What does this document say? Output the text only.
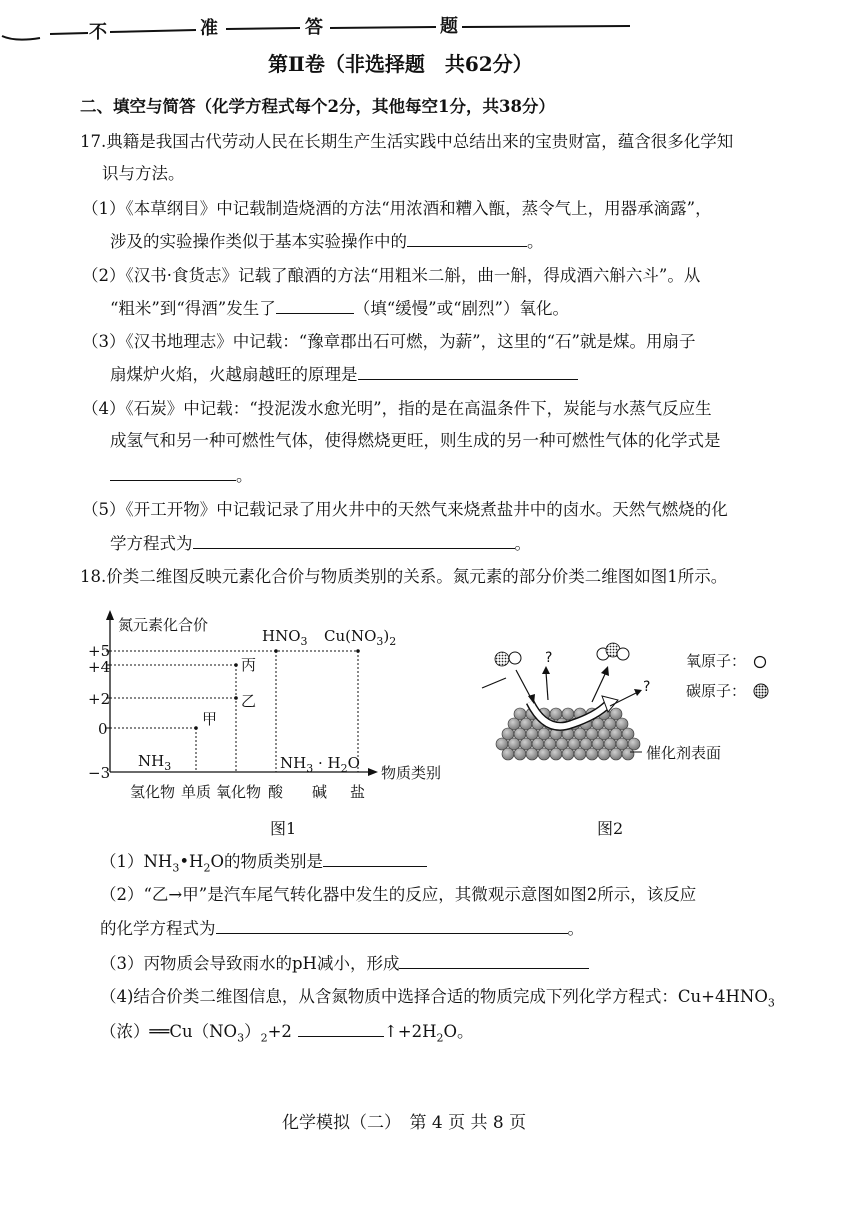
不	准	答	题
第Ⅱ卷（非选择题　共62分）
二、填空与简答（化学方程式每个2分，其他每空1分，共38分）
17.典籍是我国古代劳动人民在长期生产生活实践中总结出来的宝贵财富，蕴含很多化学知
识与方法。
（1）《本草纲目》中记载制造烧酒的方法“用浓酒和糟入甑，蒸令气上，用器承滴露”，
涉及的实验操作类似于基本实验操作中的	。
（2）《汉书·食货志》记载了酿酒的方法“用粗米二斛，曲一斛，得成酒六斛六斗”。从
“粗米”到“得酒”发生了	（填“缓慢”或“剧烈”）氧化。
（3）《汉书地理志》中记载：“豫章郡出石可燃，为薪”，这里的“石”就是煤。用扇子
扇煤炉火焰，火越扇越旺的原理是
（4）《石炭》中记载：“投泥泼水愈光明”，指的是在高温条件下，炭能与水蒸气反应生
成氢气和另一种可燃性气体，使得燃烧更旺，则生成的另一种可燃性气体的化学式是
。
（5）《开工开物》中记载记录了用火井中的天然气来烧煮盐井中的卤水。天然气燃烧的化
学方程式为	。
18.价类二维图反映元素化合价与物质类别的关系。氮元素的部分价类二维图如图1所示。
氮元素化合价
+5
+4
+2
0
−3
$NH_3$
甲
乙
丙
$HNO_3$ $Cu(NO_3)_2$
$NH_3 \cdot H_2O$
物质类别
氢化物 单质 氧化物 酸 碱 盐
图1
?
?
氧原子：
碳原子：
催化剂表面
图2
$(1)NH_3•H_2O$的物质类别是
（2）“乙→甲”是汽车尾气转化器中发生的反应，其微观示意图如图2所示，该反应
的化学方程式为	。
（3）丙物质会导致雨水的pH减小，形成
（4)结合价类二维图信息，从含氮物质中选择合适的物质完成下列化学方程式：$Cu+4HNO_3$
（浓）$══Cu(NO_3)_2+2$	$↑+2H_2O$。
化学模拟（二）　第 4 页 共 8 页
